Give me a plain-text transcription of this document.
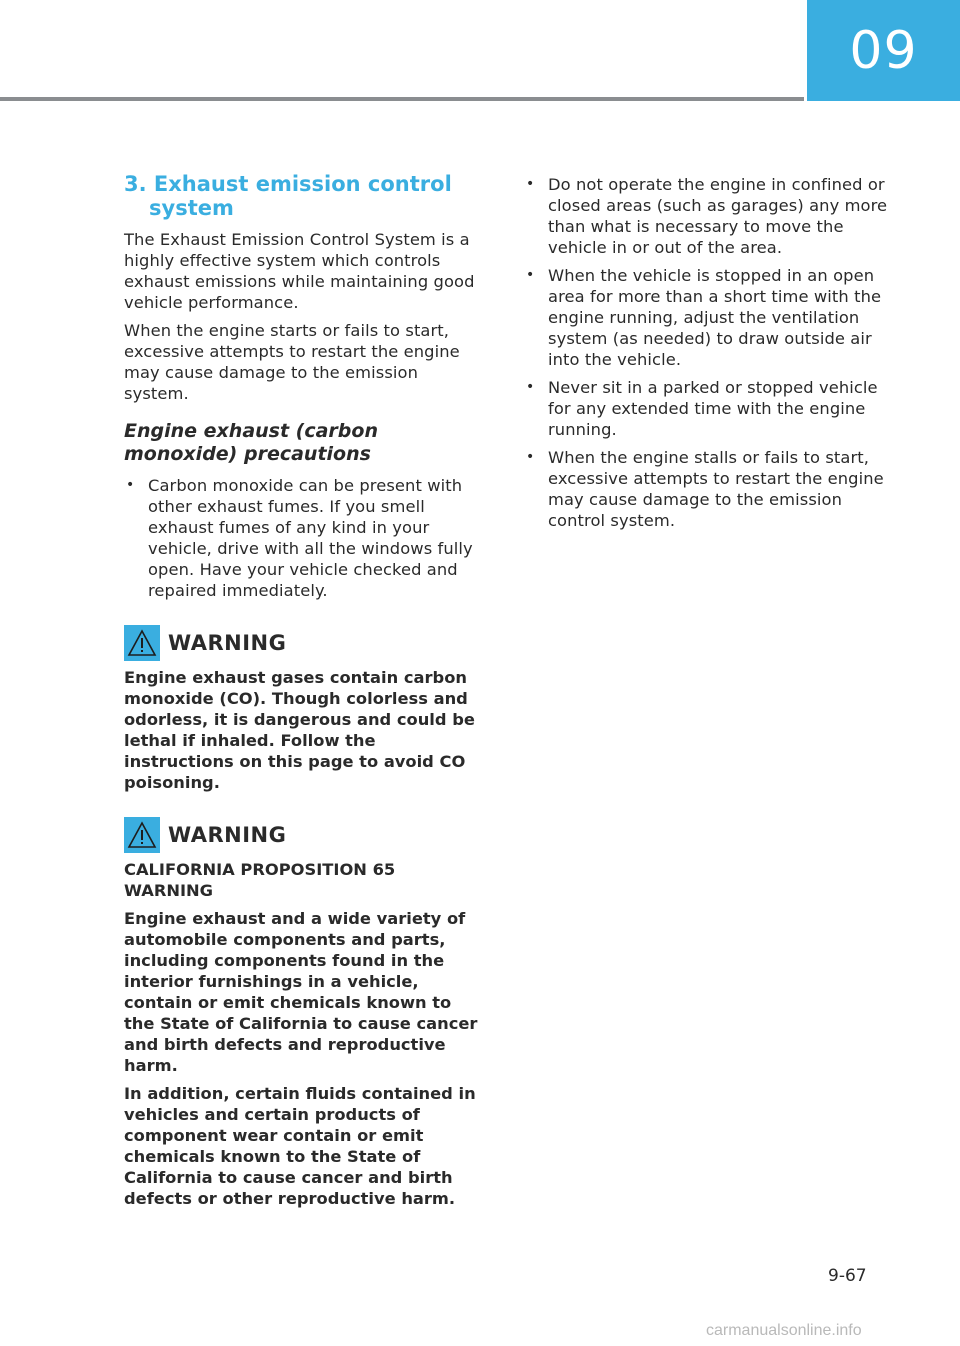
09
3. Exhaust emission control system

The Exhaust Emission Control System is a highly effective system which controls exhaust emissions while maintaining good vehicle performance.

When the engine starts or fails to start, excessive attempts to restart the engine may cause damage to the emission system.

Engine exhaust (carbon monoxide) precautions
• Carbon monoxide can be present with other exhaust fumes. If you smell exhaust fumes of any kind in your vehicle, drive with all the windows fully open. Have your vehicle checked and repaired immediately.
WARNING

Engine exhaust gases contain carbon monoxide (CO). Though colorless and odorless, it is dangerous and could be lethal if inhaled. Follow the instructions on this page to avoid CO poisoning.

WARNING

CALIFORNIA PROPOSITION 65 WARNING

Engine exhaust and a wide variety of automobile components and parts, including components found in the interior furnishings in a vehicle, contain or emit chemicals known to the State of California to cause cancer and birth defects and reproductive harm.

In addition, certain fluids contained in vehicles and certain products of component wear contain or emit chemicals known to the State of California to cause cancer and birth defects or other reproductive harm.

• Do not operate the engine in confined or closed areas (such as garages) any more than what is necessary to move the vehicle in or out of the area.
• When the vehicle is stopped in an open area for more than a short time with the engine running, adjust the ventilation system (as needed) to draw outside air into the vehicle.
• Never sit in a parked or stopped vehicle for any extended time with the engine running.
• When the engine stalls or fails to start, excessive attempts to restart the engine may cause damage to the emission control system.
9-67
carmanualsonline.info
